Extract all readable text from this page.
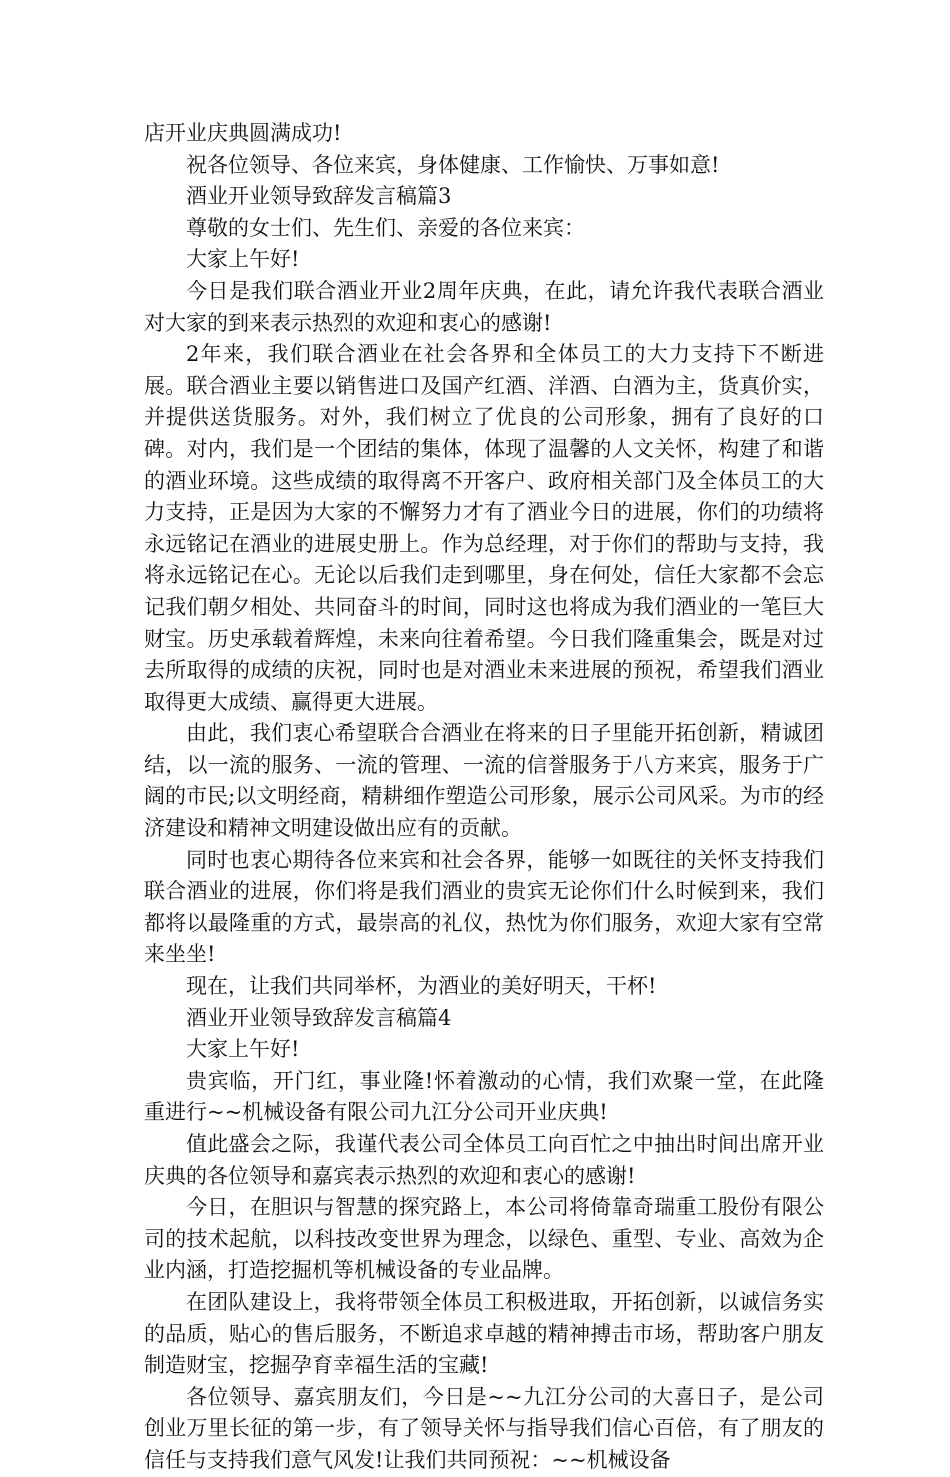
店开业庆典圆满成功!

祝各位领导、各位来宾，身体健康、工作愉快、万事如意!

酒业开业领导致辞发言稿篇3

尊敬的女士们、先生们、亲爱的各位来宾：

大家上午好!

今日是我们联合酒业开业2周年庆典，在此，请允许我代表联合酒业对大家的到来表示热烈的欢迎和衷心的感谢!

2年来，我们联合酒业在社会各界和全体员工的大力支持下不断进展。联合酒业主要以销售进口及国产红酒、洋酒、白酒为主，货真价实，并提供送货服务。对外，我们树立了优良的公司形象，拥有了良好的口碑。对内，我们是一个团结的集体，体现了温馨的人文关怀，构建了和谐的酒业环境。这些成绩的取得离不开客户、政府相关部门及全体员工的大力支持，正是因为大家的不懈努力才有了酒业今日的进展，你们的功绩将永远铭记在酒业的进展史册上。作为总经理，对于你们的帮助与支持，我将永远铭记在心。无论以后我们走到哪里，身在何处，信任大家都不会忘记我们朝夕相处、共同奋斗的时间，同时这也将成为我们酒业的一笔巨大财宝。历史承载着辉煌，未来向往着希望。今日我们隆重集会，既是对过去所取得的成绩的庆祝，同时也是对酒业未来进展的预祝，希望我们酒业取得更大成绩、赢得更大进展。

由此，我们衷心希望联合合酒业在将来的日子里能开拓创新，精诚团结，以一流的服务、一流的管理、一流的信誉服务于八方来宾，服务于广阔的市民;以文明经商，精耕细作塑造公司形象，展示公司风采。为市的经济建设和精神文明建设做出应有的贡献。

同时也衷心期待各位来宾和社会各界，能够一如既往的关怀支持我们联合酒业的进展，你们将是我们酒业的贵宾无论你们什么时候到来，我们都将以最隆重的方式，最崇高的礼仪，热忱为你们服务，欢迎大家有空常来坐坐!

现在，让我们共同举杯，为酒业的美好明天，干杯!

酒业开业领导致辞发言稿篇4

大家上午好!

贵宾临，开门红，事业隆!怀着激动的心情，我们欢聚一堂，在此隆重进行~~机械设备有限公司九江分公司开业庆典!

值此盛会之际，我谨代表公司全体员工向百忙之中抽出时间出席开业庆典的各位领导和嘉宾表示热烈的欢迎和衷心的感谢!

今日，在胆识与智慧的探究路上，本公司将倚靠奇瑞重工股份有限公司的技术起航，以科技改变世界为理念，以绿色、重型、专业、高效为企业内涵，打造挖掘机等机械设备的专业品牌。

在团队建设上，我将带领全体员工积极进取，开拓创新，以诚信务实的品质，贴心的售后服务，不断追求卓越的精神搏击市场，帮助客户朋友制造财宝，挖掘孕育幸福生活的宝藏!

各位领导、嘉宾朋友们，今日是~~九江分公司的大喜日子，是公司创业万里长征的第一步，有了领导关怀与指导我们信心百倍，有了朋友的信任与支持我们意气风发!让我们共同预祝：~~机械设备
